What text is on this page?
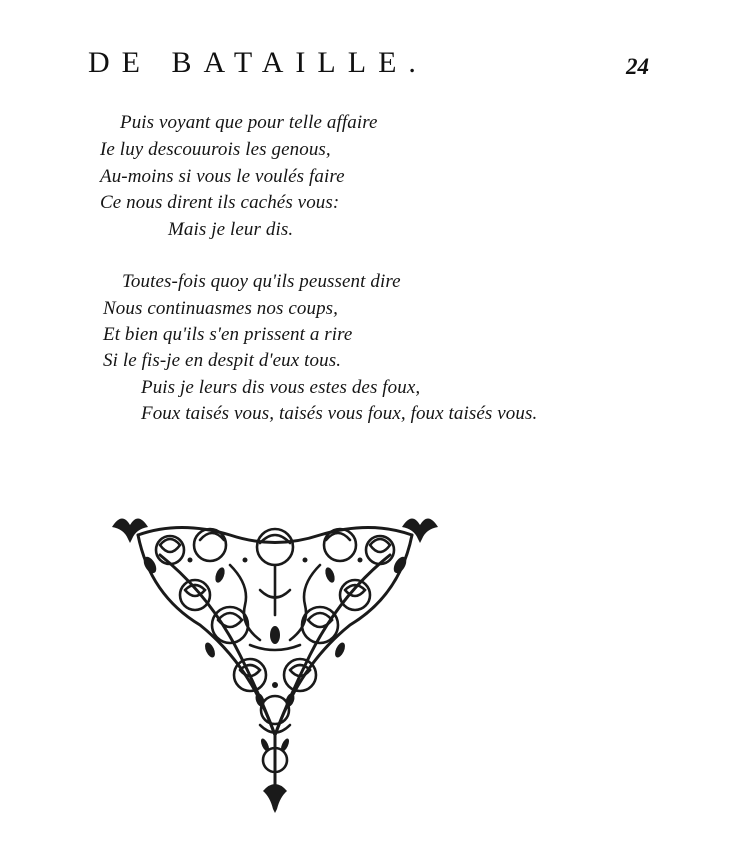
DE BATAILLE.	24
Puis voyant que pour telle affaire
Ie luy descouurois les genous,
Au-moins si vous le voulés faire
Ce nous dirent ils cachés vous:
Mais je leur dis.
Toutes-fois quoy qu'ils peussent dire
Nous continuasmes nos coups,
Et bien qu'ils s'en prissent a rire
Si le fis-je en despit d'eux tous.
Puis je leurs dis vous estes des foux,
Foux taisés vous, taisés vous foux, foux taisés vous.
